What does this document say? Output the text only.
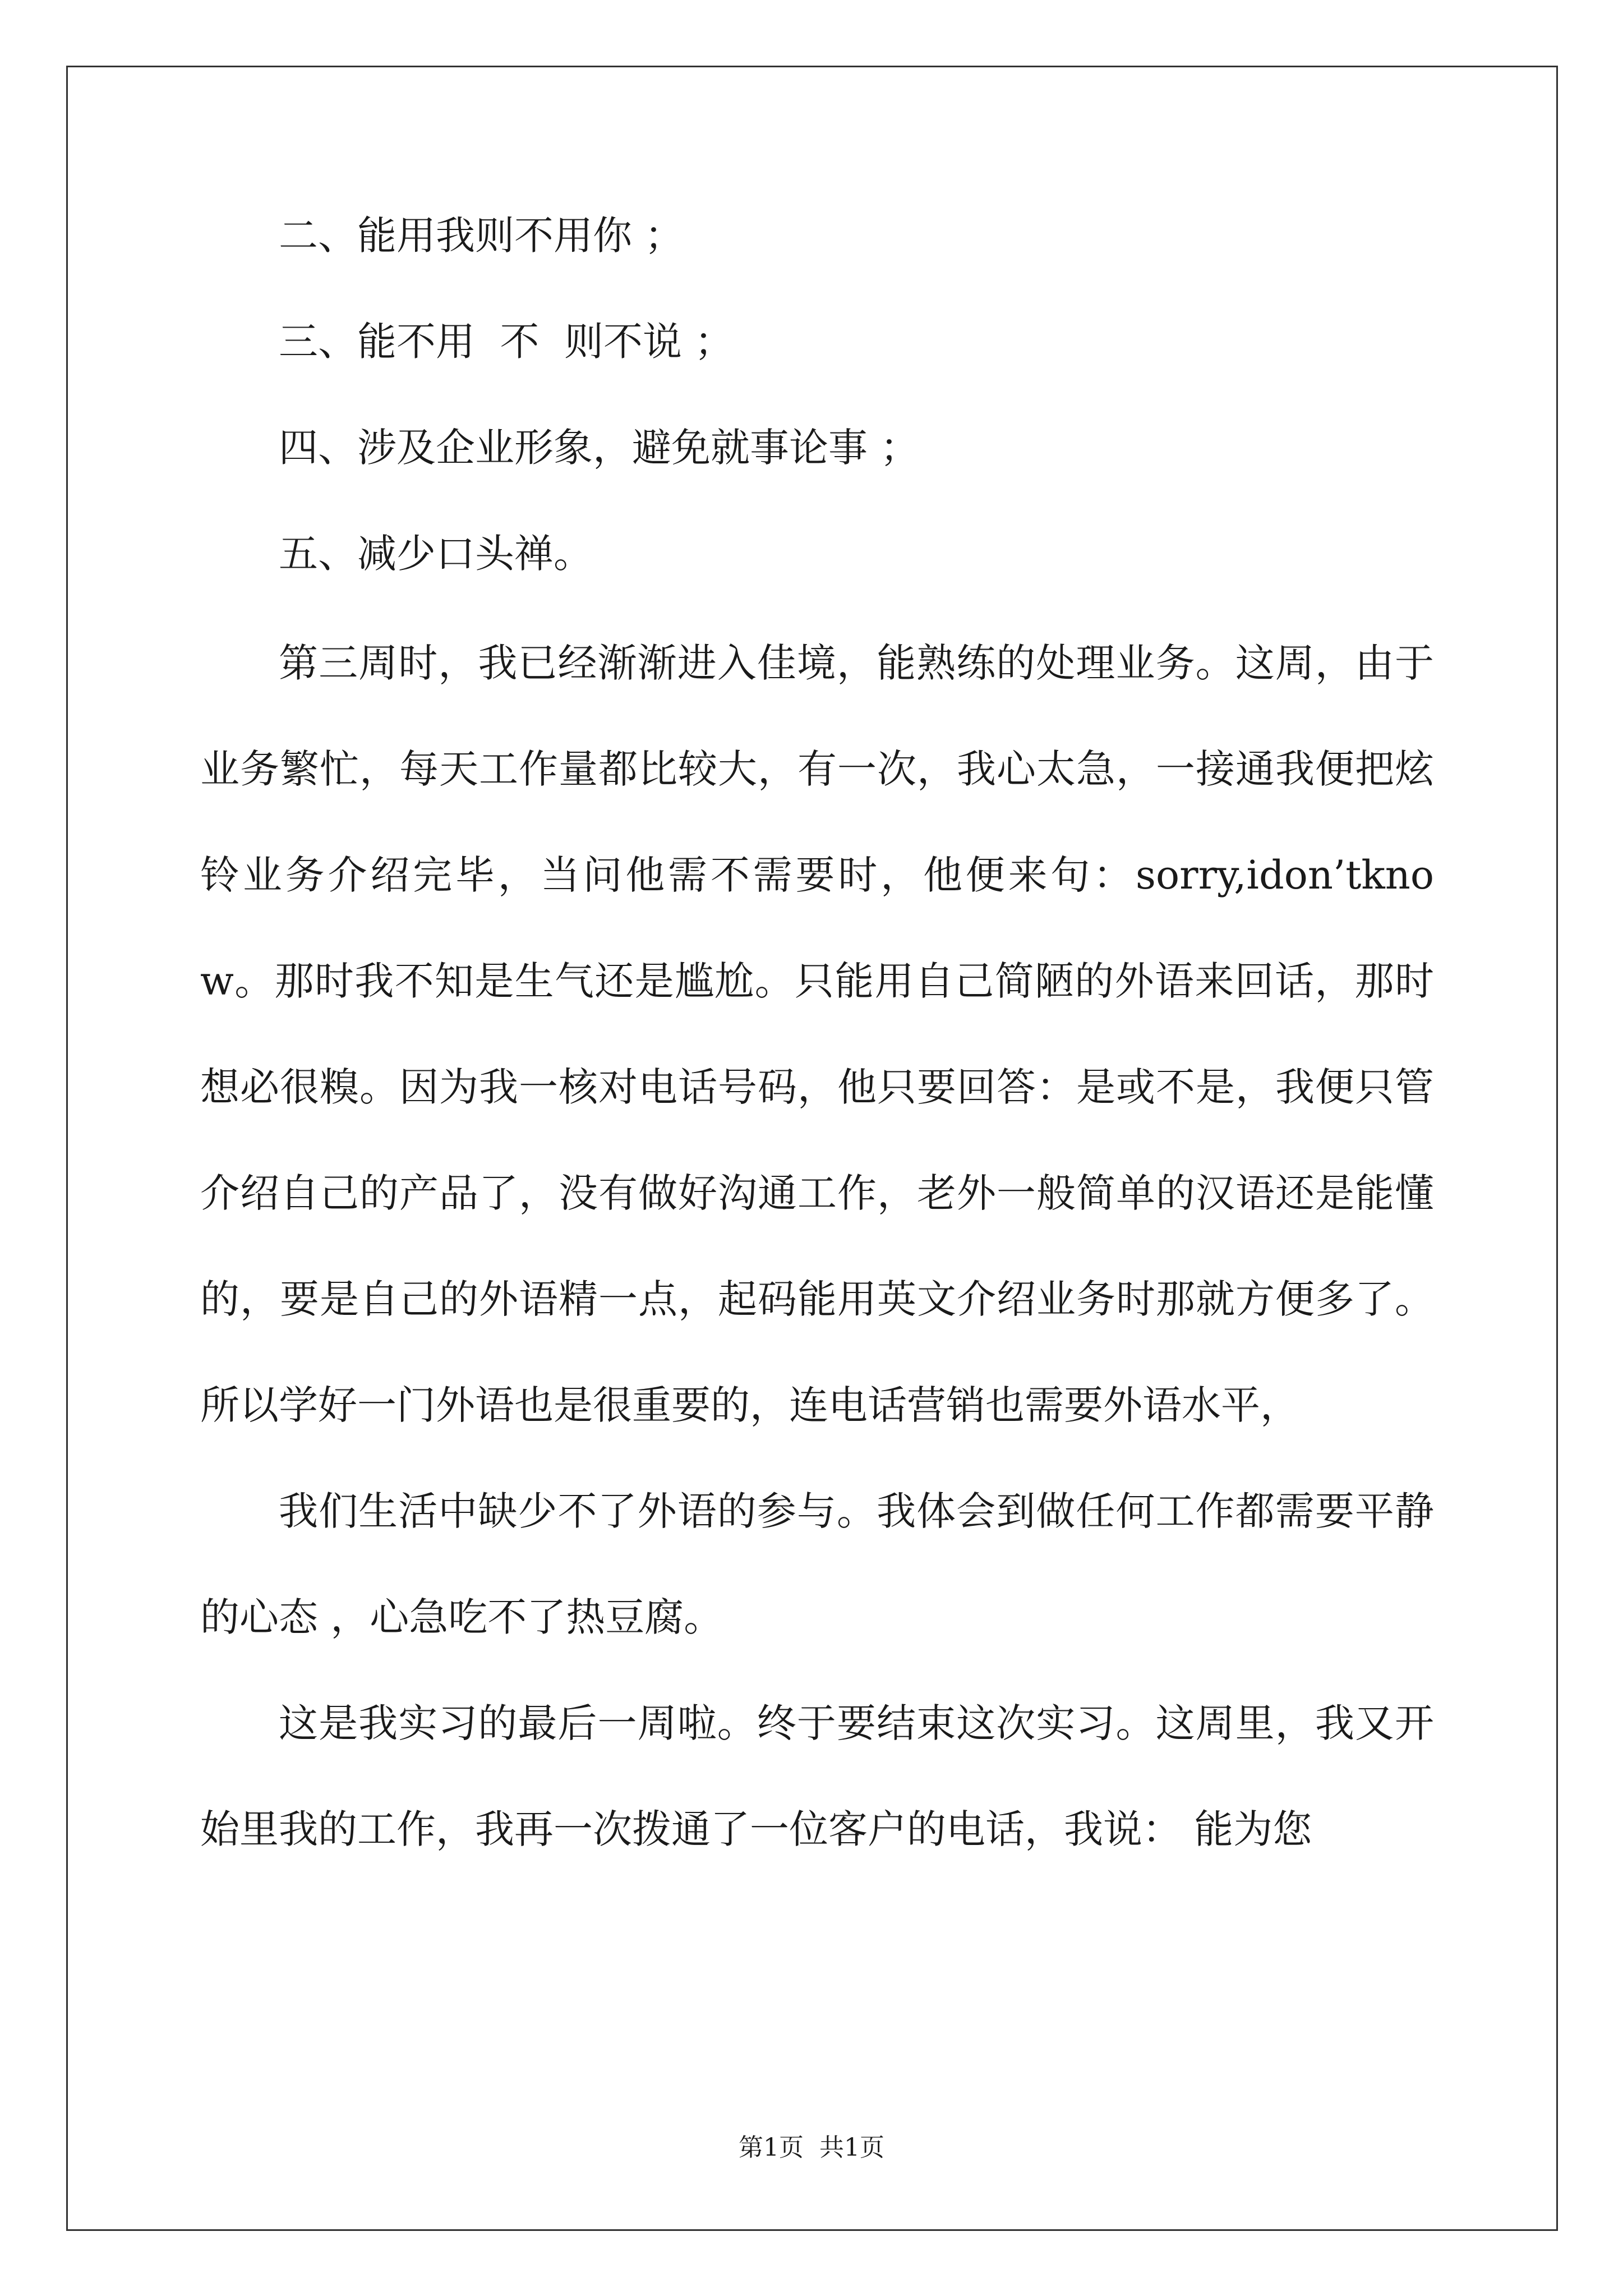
二、能用我则不用你 ；

三、能不用  不  则不说 ；

四、涉及企业形象，避免就事论事 ；

五、减少口头禅。

第三周时，我已经渐渐进入佳境，能熟练的处理业务。这周，由于业务繁忙，每天工作量都比较大，有一次，我心太急，一接通我便把炫铃业务介绍完毕，当问他需不需要时，他便来句：sorry,idon’tknow。那时我不知是生气还是尴尬。只能用自己简陋的外语来回话，那时想必很糗。因为我一核对电话号码，他只要回答：是或不是，我便只管介绍自己的产品了，没有做好沟通工作，老外一般简单的汉语还是能懂的，要是自己的外语精一点，起码能用英文介绍业务时那就方便多了。所以学好一门外语也是很重要的，连电话营销也需要外语水平，

我们生活中缺少不了外语的参与。我体会到做任何工作都需要平静的心态 ，心急吃不了热豆腐。

这是我实习的最后一周啦。终于要结束这次实习。这周里，我又开始里我的工作，我再一次拨通了一位客户的电话，我说： 能为您

第1页  共1页
